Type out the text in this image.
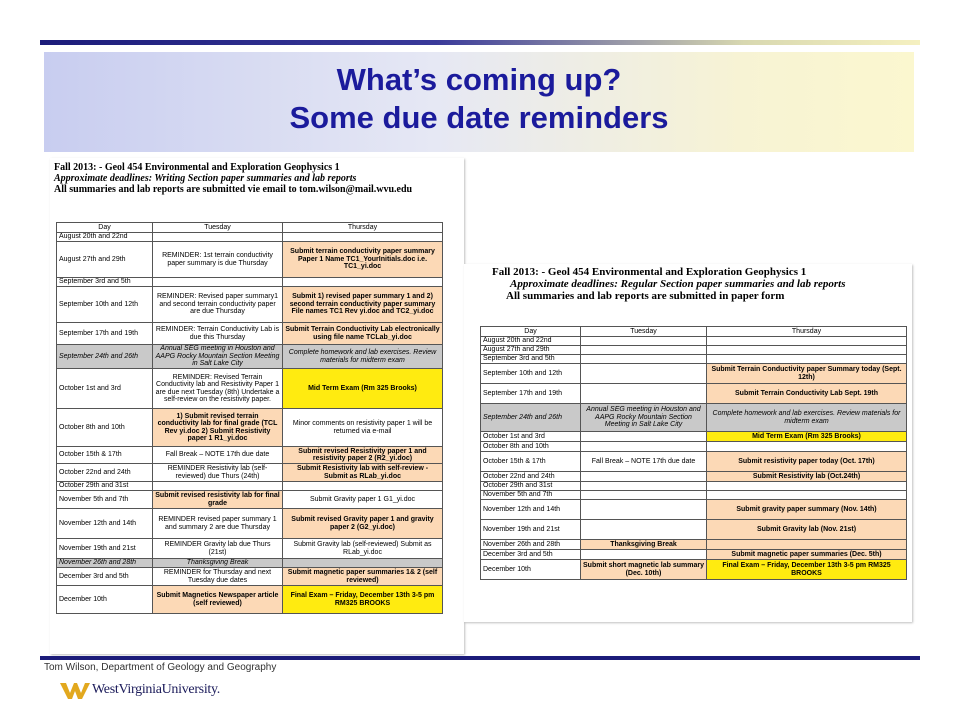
What’s coming up?
Some due date reminders

Fall 2013: - Geol 454 Environmental and Exploration Geophysics 1

Approximate deadlines: Writing Section paper summaries and lab reports

All summaries and lab reports are submitted vie email to tom.wilson@mail.wvu.edu

Day	Tuesday	Thursday
August 20th and 22nd		
August 27th and 29th	REMINDER: 1st terrain conductivity paper summary is due Thursday	Submit terrain conductivity paper summary Paper 1 Name TC1_YourInitials.doc i.e. TC1_yi.doc
September 3rd and 5th		
September 10th and 12th	REMINDER: Revised paper summary1 and second terrain conductivity paper are due Thursday	Submit 1) revised paper summary 1 and 2) second terrain conductivity paper summary File names TC1 Rev yi.doc and TC2_yi.doc
September 17th and 19th	REMINDER: Terrain Conductivity Lab is due this Thursday	Submit Terrain Conductivity Lab electronically using file name TCLab_yi.doc
September 24th and 26th	Annual SEG meeting in Houston and AAPG Rocky Mountain Section Meeting in Salt Lake City	Complete homework and lab exercises. Review materials for midterm exam
October 1st and 3rd	REMINDER: Revised Terrain Conductivity lab and Resistivity Paper 1 are due next Tuesday (8th) Undertake a self-review on the resistivity paper.	Mid Term Exam (Rm 325 Brooks)
October 8th and 10th	1) Submit revised terrain conductivity lab for final grade (TCL Rev yi.doc 2) Submit Resistivity paper 1 R1_yi.doc	Minor comments on resistivity paper 1 will be returned via e-mail
October 15th & 17th	Fall Break – NOTE 17th due date	Submit revised Resistivity paper 1 and resistivity paper 2 (R2_yi.doc)
October 22nd and 24th	REMINDER Resistivity lab (self-reviewed) due Thurs (24th)	Submit Resistivity lab with self-review - Submit as RLab_yi.doc
October 29th and 31st		
November 5th and 7th	Submit revised resistivity lab for final grade	Submit Gravity paper 1 G1_yi.doc
November 12th and 14th	REMINDER revised paper summary 1 and summary 2 are due Thursday	Submit revised Gravity paper 1 and gravity paper 2 (G2_yi.doc)
November 19th and 21st	REMINDER Gravity lab due Thurs (21st)	Submit Gravity lab (self-reviewed) Submit as RLab_yi.doc
November 26th and 28th	Thanksgiving Break	
December 3rd and 5th	REMINDER for Thursday and next Tuesday due dates	Submit magnetic paper summaries 1& 2 (self reviewed)
December 10th	Submit Magnetics Newspaper article (self reviewed)	Final Exam – Friday, December 13th 3-5 pm RM325 BROOKS

Fall 2013: - Geol 454 Environmental and Exploration Geophysics 1

Approximate deadlines: Regular Section paper summaries and lab reports

All summaries and lab reports are submitted in paper form

Day	Tuesday	Thursday
August 20th and 22nd		
August 27th and 29th		
September 3rd and 5th		
September 10th and 12th		Submit Terrain Conductivity paper Summary today (Sept. 12th)
September 17th and 19th		Submit Terrain Conductivity Lab Sept. 19th
September 24th and 26th	Annual SEG meeting in Houston and AAPG Rocky Mountain Section Meeting in Salt Lake City	Complete homework and lab exercises. Review materials for midterm exam
October 1st and 3rd		Mid Term Exam (Rm 325 Brooks)
October 8th and 10th		
October 15th & 17th	Fall Break – NOTE 17th due date	Submit resistivity paper today (Oct. 17th)
October 22nd and 24th		Submit Resistivity lab (Oct.24th)
October 29th and 31st		
November 5th and 7th		
November 12th and 14th		Submit gravity paper summary (Nov. 14th)
November 19th and 21st		Submit Gravity lab (Nov. 21st)
November 26th and 28th	Thanksgiving Break	
December 3rd and 5th		Submit magnetic paper summaries (Dec. 5th)
December 10th	Submit short magnetic lab summary (Dec. 10th)	Final Exam – Friday, December 13th 3-5 pm RM325 BROOKS
Tom Wilson, Department of Geology and Geography
WestVirginiaUniversity.
